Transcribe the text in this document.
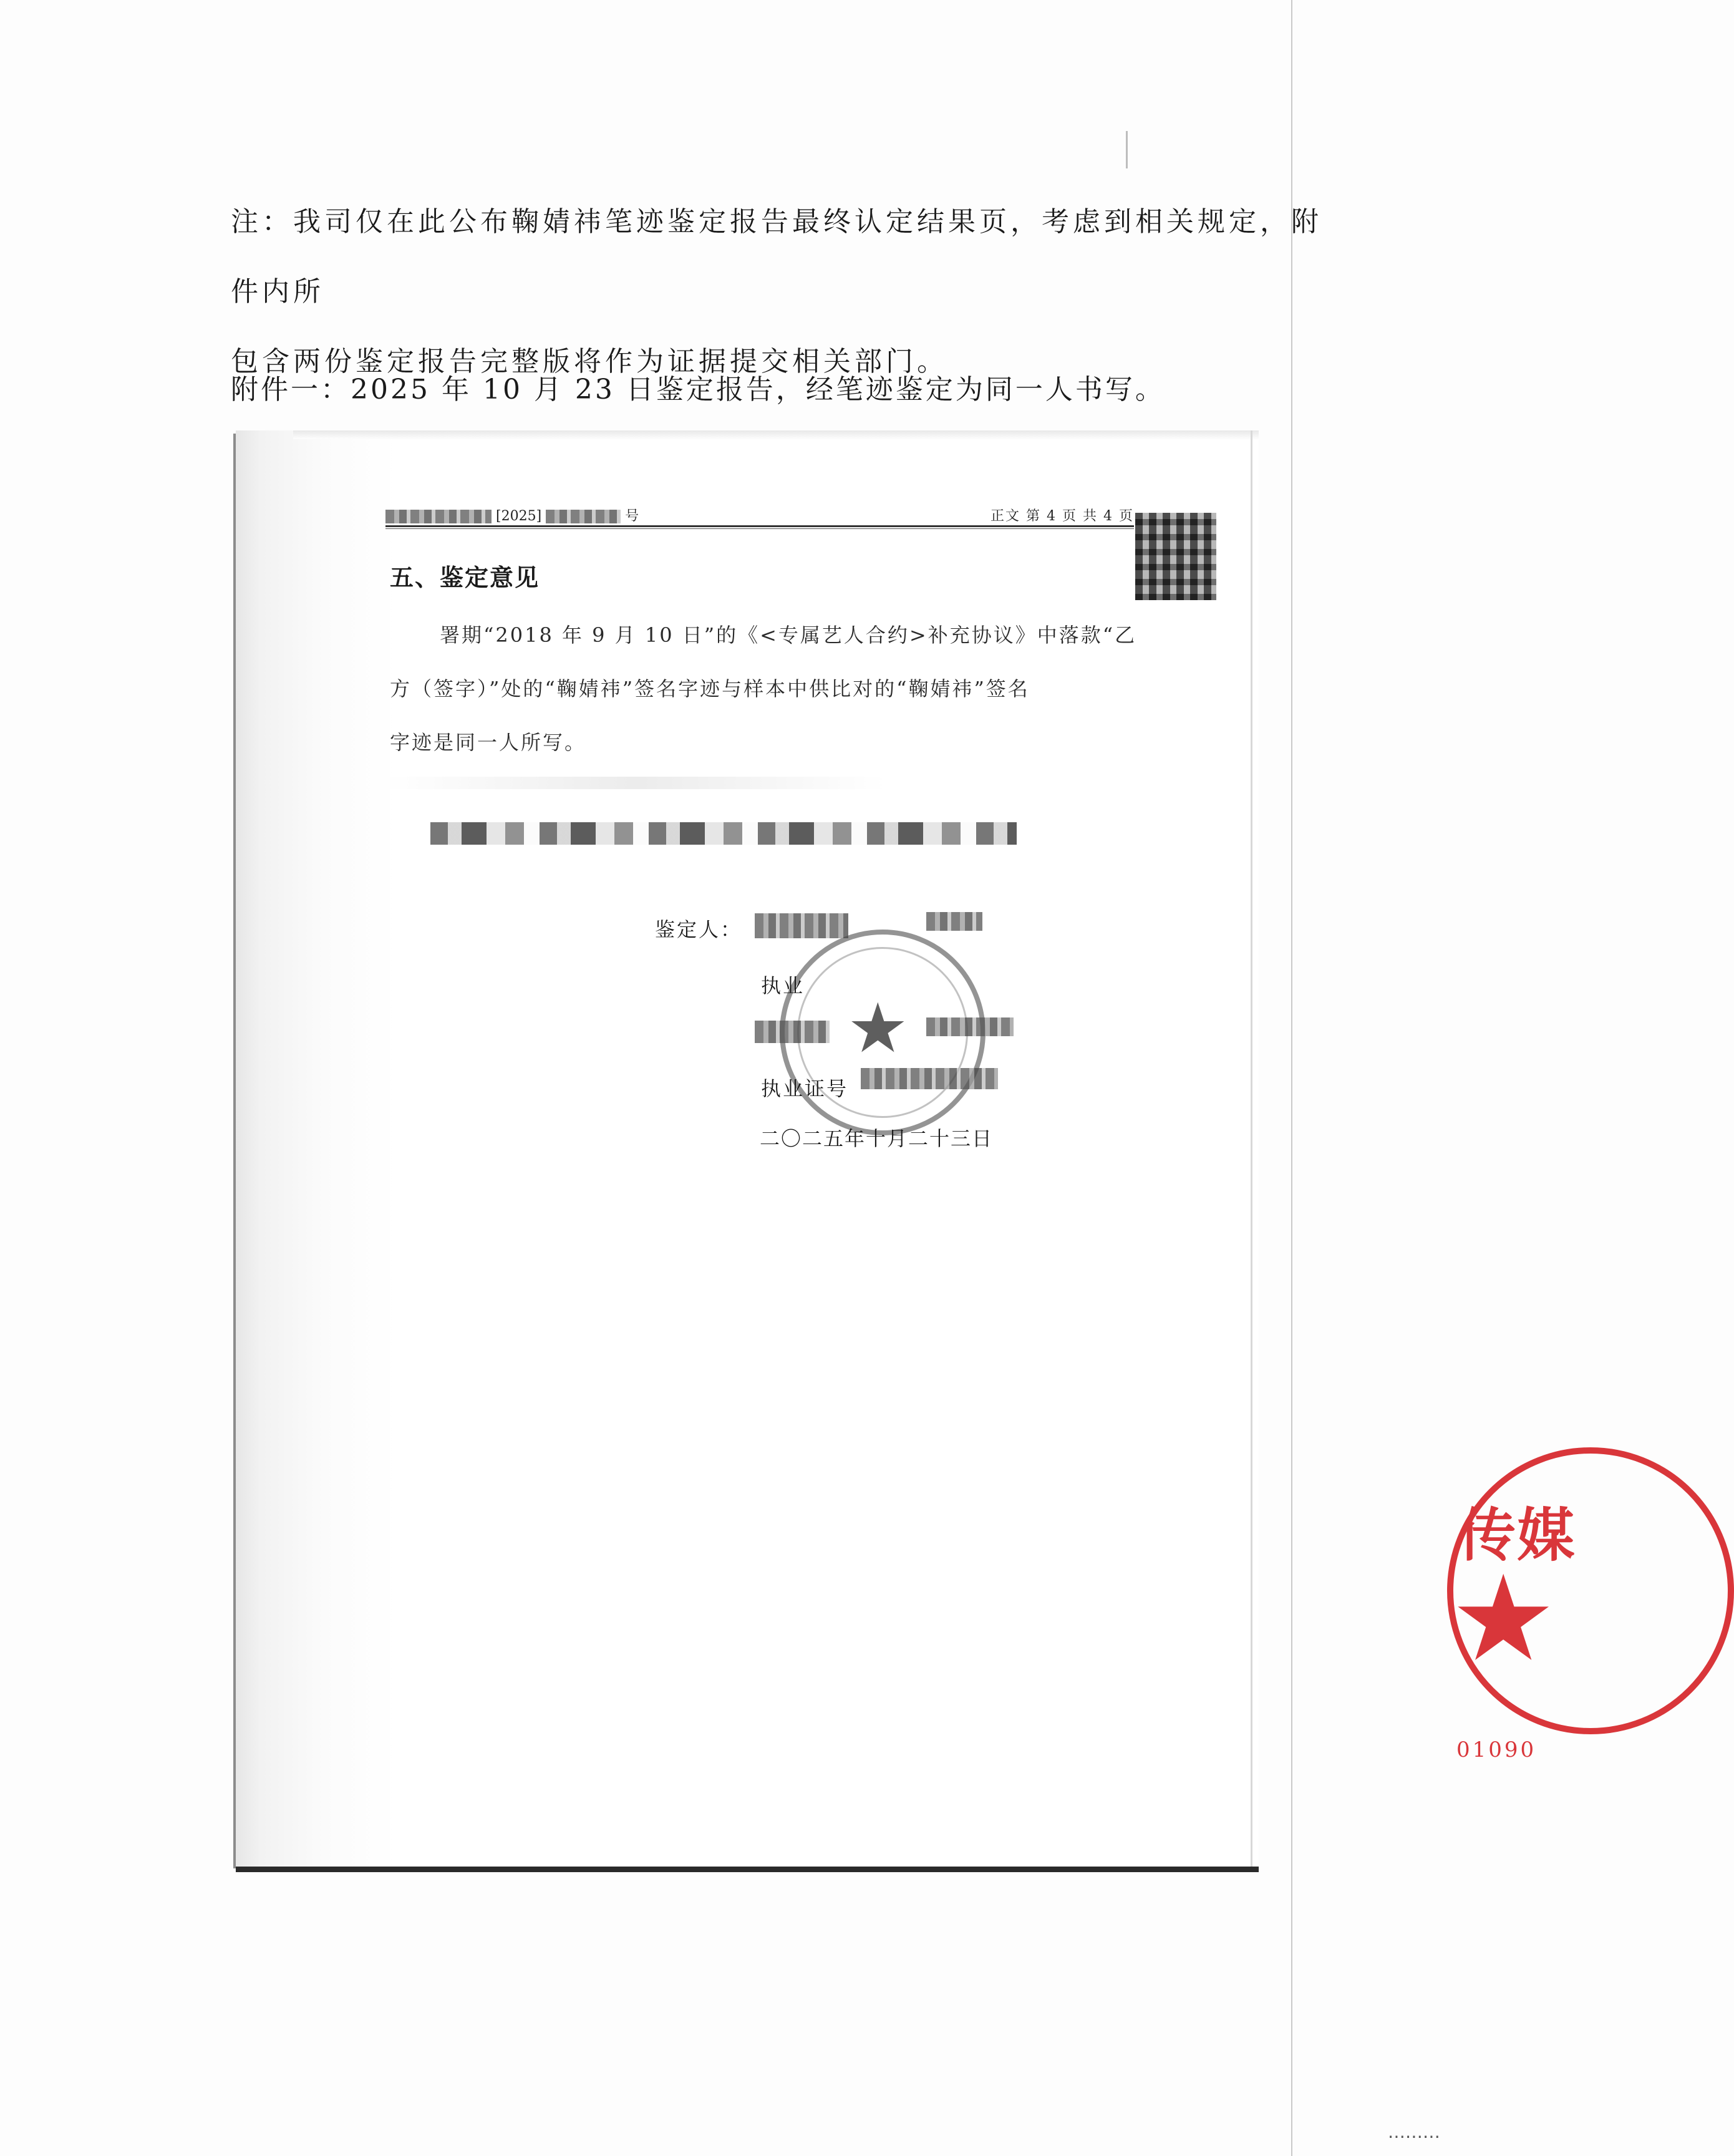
注：我司仅在此公布鞠婧祎笔迹鉴定报告最终认定结果页，考虑到相关规定，附件内所
包含两份鉴定报告完整版将作为证据提交相关部门。
附件一：2025 年 10 月 23 日鉴定报告，经笔迹鉴定为同一人书写。
[2025]	号	正文 第 4 页 共 4 页
五、鉴定意见
署期“2018 年 9 月 10 日”的《<专属艺人合约>补充协议》中落款“乙
方（签字）”处的“鞠婧祎”签名字迹与样本中供比对的“鞠婧祎”签名
字迹是同一人所写。
★
鉴定人：

执业

执业证号
二〇二五年十月二十三日
传媒
★
01090
⋯⋯⋯
